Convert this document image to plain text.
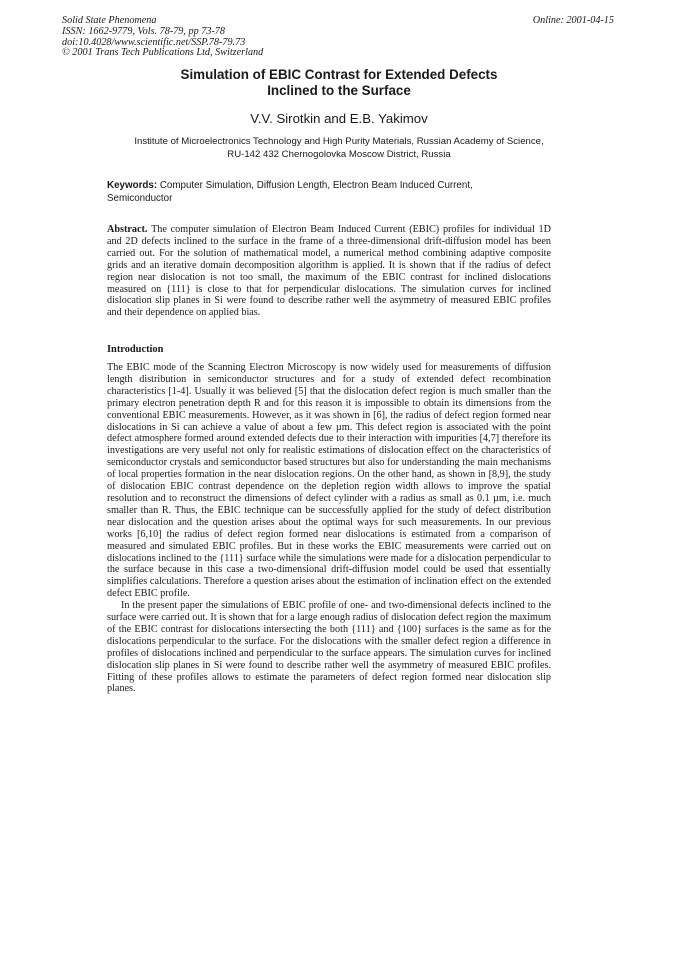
Solid State Phenomena
ISSN: 1662-9779, Vols. 78-79, pp 73-78
doi:10.4028/www.scientific.net/SSP.78-79.73
© 2001 Trans Tech Publications Ltd, Switzerland
Online: 2001-04-15
Simulation of EBIC Contrast for Extended Defects
Inclined to the Surface
V.V. Sirotkin and E.B. Yakimov
Institute of Microelectronics Technology and High Purity Materials, Russian Academy of Science,
RU-142 432 Chernogolovka Moscow District, Russia
Keywords: Computer Simulation, Diffusion Length, Electron Beam Induced Current, Semiconductor
Abstract. The computer simulation of Electron Beam Induced Current (EBIC) profiles for individual 1D and 2D defects inclined to the surface in the frame of a three-dimensional drift-diffusion model has been carried out. For the solution of mathematical model, a numerical method combining adaptive composite grids and an iterative domain decomposition algorithm is applied. It is shown that if the radius of defect region near dislocation is not too small, the maximum of the EBIC contrast for inclined dislocations measured on {111} is close to that for perpendicular dislocations. The simulation curves for inclined dislocation slip planes in Si were found to describe rather well the asymmetry of measured EBIC profiles and their dependence on applied bias.
Introduction

The EBIC mode of the Scanning Electron Microscopy is now widely used for measurements of diffusion length distribution in semiconductor structures and for a study of extended defect recombination characteristics [1-4]. Usually it was believed [5] that the dislocation defect region is much smaller than the primary electron penetration depth R and for this reason it is impossible to obtain its dimensions from the conventional EBIC measurements. However, as it was shown in [6], the radius of defect region formed near dislocations in Si can achieve a value of about a few µm. This defect region is associated with the point defect atmosphere formed around extended defects due to their interaction with impurities [4,7] therefore its investigations are very useful not only for realistic estimations of dislocation effect on the characteristics of semiconductor crystals and semiconductor based structures but also for understanding the main mechanisms of local properties formation in the near dislocation regions. On the other hand, as shown in [8,9], the study of dislocation EBIC contrast dependence on the depletion region width allows to improve the spatial resolution and to reconstruct the dimensions of defect cylinder with a radius as small as 0.1 µm, i.e. much smaller than R. Thus, the EBIC technique can be successfully applied for the study of defect distribution near dislocation and the question arises about the optimal ways for such measurements. In our previous works [6,10] the radius of defect region formed near dislocations is estimated from a comparison of measured and simulated EBIC profiles. But in these works the EBIC measurements were carried out on dislocations inclined to the {111} surface while the simulations were made for a dislocation perpendicular to the surface because in this case a two-dimensional drift-diffusion model could be used that essentially simplifies calculations. Therefore a question arises about the estimation of inclination effect on the extended defect EBIC profile.

In the present paper the simulations of EBIC profile of one- and two-dimensional defects inclined to the surface were carried out. It is shown that for a large enough radius of dislocation defect region the maximum of the EBIC contrast for dislocations intersecting the both {111} and {100} surfaces is the same as for the dislocations perpendicular to the surface. For the dislocations with the smaller defect region a difference in profiles of dislocations inclined and perpendicular to the surface appears. The simulation curves for inclined dislocation slip planes in Si were found to describe rather well the asymmetry of measured EBIC profiles. Fitting of these profiles allows to estimate the parameters of defect region formed near dislocation slip planes.
